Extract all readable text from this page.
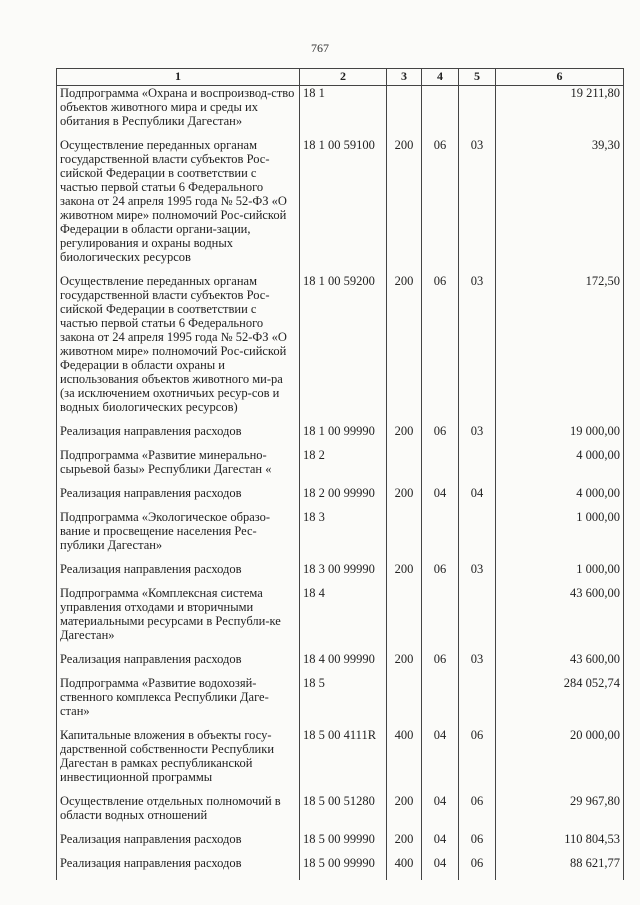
767
1	2	3	4	5	6
Подпрограмма «Охрана и воспроизвод-ство объектов животного мира и среды их обитания в Республики Дагестан»	18 1				19 211,80

Осуществление переданных органам государственной власти субъектов Рос-сийской Федерации в соответствии с частью первой статьи 6 Федерального закона от 24 апреля 1995 года № 52-ФЗ «О животном мире» полномочий Рос-сийской Федерации в области органи-зации, регулирования и охраны водных биологических ресурсов	18 1 00 59100	200	06	03	39,30

Осуществление переданных органам государственной власти субъектов Рос-сийской Федерации в соответствии с частью первой статьи 6 Федерального закона от 24 апреля 1995 года № 52-ФЗ «О животном мире» полномочий Рос-сийской Федерации в области охраны и использования объектов животного ми-ра (за исключением охотничьих ресур-сов и водных биологических ресурсов)	18 1 00 59200	200	06	03	172,50

Реализация направления расходов	18 1 00 99990	200	06	03	19 000,00

Подпрограмма «Развитие минерально-сырьевой базы» Республики Дагестан «	18 2				4 000,00

Реализация направления расходов	18 2 00 99990	200	04	04	4 000,00

Подпрограмма «Экологическое образо-вание и просвещение населения Рес-публики Дагестан»	18 3				1 000,00

Реализация направления расходов	18 3 00 99990	200	06	03	1 000,00

Подпрограмма «Комплексная система управления отходами и вторичными материальными ресурсами в Республи-ке Дагестан»	18 4				43 600,00

Реализация направления расходов	18 4 00 99990	200	06	03	43 600,00

Подпрограмма «Развитие водохозяй-ственного комплекса Республики Даге-стан»	18 5				284 052,74

Капитальные вложения в объекты госу-дарственной собственности Республики Дагестан в рамках республиканской инвестиционной программы	18 5 00 4111R	400	04	06	20 000,00

Осуществление отдельных полномочий в области водных отношений	18 5 00 51280	200	04	06	29 967,80

Реализация направления расходов	18 5 00 99990	200	04	06	110 804,53

Реализация направления расходов	18 5 00 99990	400	04	06	88 621,77
